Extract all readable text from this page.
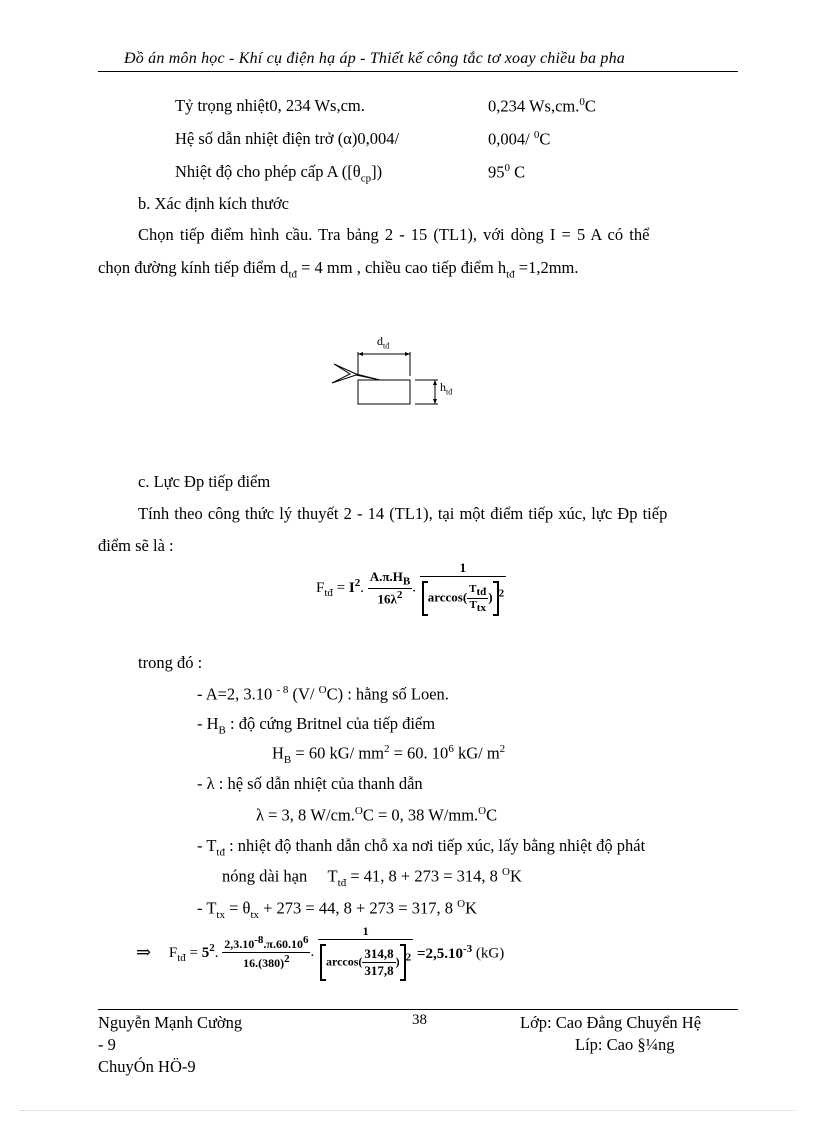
Đồ án môn học - Khí cụ điện hạ áp - Thiết kế công tắc tơ xoay chiều ba pha
Tỷ trọng nhiệt0, 234 Ws,cm.	0,234 Ws,cm.$^0$C
Hệ số dẫn nhiệt điện trở (α)0,004/	0,004/ $^0$C
Nhiệt độ cho phép cấp A $([\theta_{cp}])$	$95^0$ C
b. Xác định kích thước
Chọn tiếp điểm hình cầu. Tra bảng 2 - 15 (TL1), với dòng I = 5 A có thể
chọn đường kính tiếp điểm $d_{tđ} = 4$ mm , chiều cao tiếp điểm $h_{tđ} =1,2mm$.
$d_{tđ}$
$h_{tđ}$
c. Lực Đp tiếp điểm
Tính theo công thức lý thuyết 2 - 14 (TL1), tại một điểm tiếp xúc, lực Đp tiếp
điểm sẽ là :
$F_{tđ} = I^2$. $\frac{A.\pi.H_B}{16\lambda^2}$ . $\frac{1}{\arccos( \frac{T_{tđ}}{T_{tx}} ) ^2}$
trong đó :
- A=2, 3.10 $^{- 8}$ (V/ $^O$C) : hằng số Loen.
- $H_B$ : độ cứng Britnel của tiếp điểm
$H_B = 60$ kG/ $mm^2 = 60$. $10^6$ kG/ $m^2$
- λ : hệ số dẫn nhiệt của thanh dẫn
λ = 3, 8 W/cm.$^O$C = 0, 38 W/mm.$^O$C
- $T_{tđ}$ : nhiệt độ thanh dẫn chỗ xa nơi tiếp xúc, lấy bằng nhiệt độ phát
nóng dài hạn     $T_{tđ} = 41$, 8 + 273 = 314, 8 $^O$K
- $T_{tx} = \theta_{tx} + 273 = 44$, 8 + 273 = 317, 8 $^O$K
⇒ $F_{tđ} = 5^2$. $\frac{2,3.10^{-8}.\pi.60.10^6}{16.(380)^2}$ . $\frac{1}{\arccos( \frac{314,8}{317,8} ) ^2} =2,5.10^{-3}$ (kG)
Nguyễn Mạnh Cường
- 9
ChuyÓn HÖ-9
38	Lớp: Cao Đẳng Chuyển Hệ
Líp: Cao §¼ng
